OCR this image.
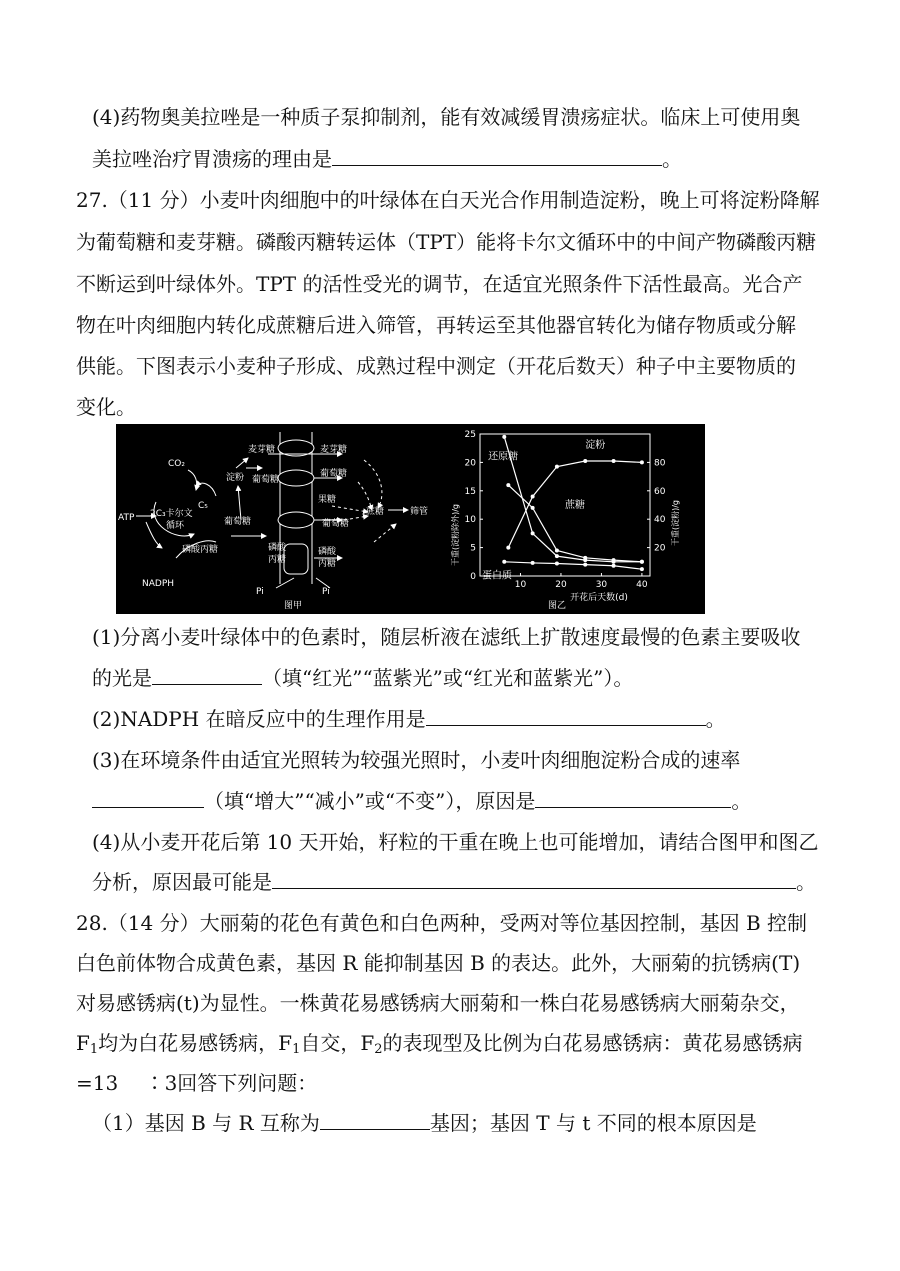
(4)药物奥美拉唑是一种质子泵抑制剂，能有效减缓胃溃疡症状。临床上可使用奥
美拉唑治疗胃溃疡的理由是	。
27.（11 分）小麦叶肉细胞中的叶绿体在白天光合作用制造淀粉，晚上可将淀粉降解
为葡萄糖和麦芽糖。磷酸丙糖转运体（TPT）能将卡尔文循环中的中间产物磷酸丙糖
不断运到叶绿体外。TPT 的活性受光的调节，在适宜光照条件下活性最高。光合产
物在叶肉细胞内转化成蔗糖后进入筛管，再转运至其他器官转化为储存物质或分解
供能。下图表示小麦种子形成、成熟过程中测定（开花后数天）种子中主要物质的
变化。
CO₂
C₅
ATP 2C₃卡尔文
循环
磷酸丙糖
NADPH
Pi	Pi
淀粉
麦芽糖
葡萄糖
葡萄糖
磷酸
丙糖
麦芽糖
葡萄糖
果糖
葡萄糖
磷酸
丙糖
蔗糖	筛管
图甲
10	20	30	40
0
5
10
15
20
25
20
40
60
80
干重(淀粉除外)/g	干重(淀粉)/g
开花后天数(d)
图乙
淀粉
还原糖
蔗糖
蛋白质
(1)分离小麦叶绿体中的色素时，随层析液在滤纸上扩散速度最慢的色素主要吸收
的光是	（填“红光”“蓝紫光”或“红光和蓝紫光”）。
(2)NADPH 在暗反应中的生理作用是	。
(3)在环境条件由适宜光照转为较强光照时，小麦叶肉细胞淀粉合成的速率
（填“增大”“减小”或“不变”），原因是	。
(4)从小麦开花后第 10 天开始，籽粒的干重在晚上也可能增加，请结合图甲和图乙
分析，原因最可能是	。
28.（14 分）大丽菊的花色有黄色和白色两种，受两对等位基因控制，基因 B 控制
白色前体物合成黄色素，基因 R 能抑制基因 B 的表达。此外，大丽菊的抗锈病(T)
对易感锈病(t)为显性。一株黄花易感锈病大丽菊和一株白花易感锈病大丽菊杂交，
$F_1$均为白花易感锈病，$F_1$自交，$F_2$的表现型及比例为白花易感锈病：黄花易感锈病
=13　 ∶3回答下列问题：
（1）基因 B 与 R 互称为	基因；基因 T 与 t 不同的根本原因是
